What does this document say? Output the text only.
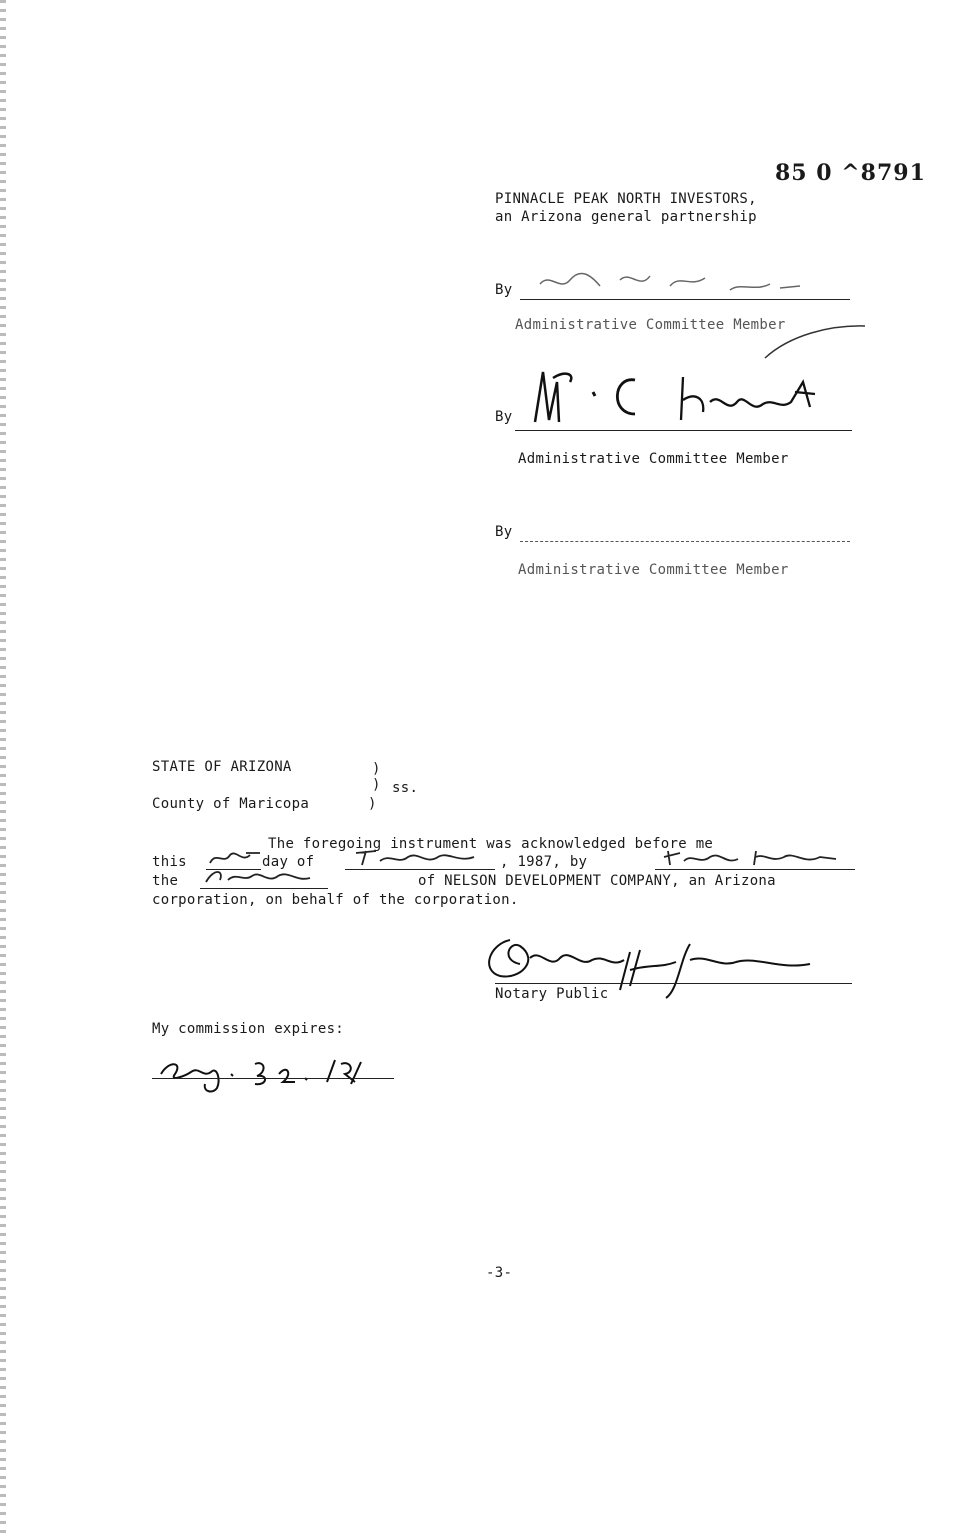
85 0 ^8791
PINNACLE PEAK NORTH INVESTORS,
an Arizona general partnership
By
Administrative Committee Member
By
Administrative Committee Member
By
Administrative Committee Member
STATE OF ARIZONA	)
) ss.
County of Maricopa	)
The foregoing instrument was acknowledged before me
this	day of	, 1987, by
the	of NELSON DEVELOPMENT COMPANY, an Arizona
corporation, on behalf of the corporation.
Notary Public
My commission expires:
-3-
